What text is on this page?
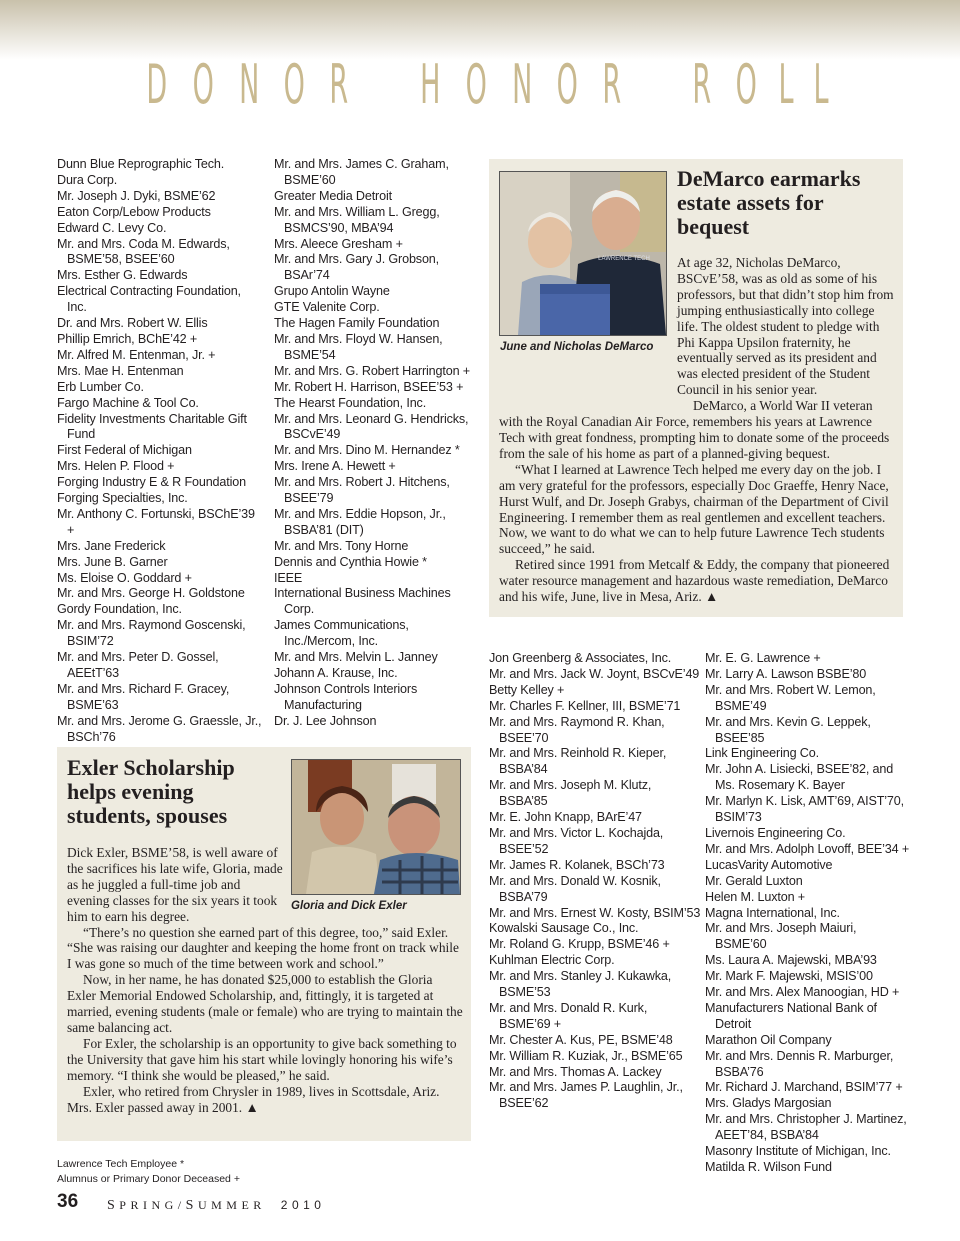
D O N O R H O N O R R O L L
Dunn Blue Reprographic Tech.
Dura Corp.
Mr. Joseph J. Dyki, BSME’62
Eaton Corp/Lebow Products
Edward C. Levy Co.
Mr. and Mrs. Coda M. Edwards, BSME’58, BSEE’60
Mrs. Esther G. Edwards
Electrical Contracting Foundation, Inc.
Dr. and Mrs. Robert W. Ellis
Phillip Emrich, BChE’42 +
Mr. Alfred M. Entenman, Jr. +
Mrs. Mae H. Entenman
Erb Lumber Co.
Fargo Machine & Tool Co.
Fidelity Investments Charitable Gift Fund
First Federal of Michigan
Mrs. Helen P. Flood +
Forging Industry E & R Foundation
Forging Specialties, Inc.
Mr. Anthony C. Fortunski, BSChE’39 +
Mrs. Jane Frederick
Mrs. June B. Garner
Ms. Eloise O. Goddard +
Mr. and Mrs. George H. Goldstone
Gordy Foundation, Inc.
Mr. and Mrs. Raymond Goscenski, BSIM’72
Mr. and Mrs. Peter D. Gossel, AEEtT’63
Mr. and Mrs. Richard F. Gracey, BSME’63
Mr. and Mrs. Jerome G. Graessle, Jr., BSCh’76
Mr. and Mrs. James C. Graham, BSME’60
Greater Media Detroit
Mr. and Mrs. William L. Gregg, BSMCS’90, MBA’94
Mrs. Aleece Gresham +
Mr. and Mrs. Gary J. Grobson, BSAr’74
Grupo Antolin Wayne
GTE Valenite Corp.
The Hagen Family Foundation
Mr. and Mrs. Floyd W. Hansen, BSME’54
Mr. and Mrs. G. Robert Harrington +
Mr. Robert H. Harrison, BSEE’53 +
The Hearst Foundation, Inc.
Mr. and Mrs. Leonard G. Hendricks, BSCvE’49
Mr. and Mrs. Dino M. Hernandez *
Mrs. Irene A. Hewett +
Mr. and Mrs. Robert J. Hitchens, BSEE’79
Mr. and Mrs. Eddie Hopson, Jr., BSBA’81 (DIT)
Mr. and Mrs. Tony Horne
Dennis and Cynthia Howie *
IEEE
International Business Machines Corp.
James Communications, Inc./Mercom, Inc.
Mr. and Mrs. Melvin L. Janney
Johann A. Krause, Inc.
Johnson Controls Interiors Manufacturing
Dr. J. Lee Johnson
Jon Greenberg & Associates, Inc.
Mr. and Mrs. Jack W. Joynt, BSCvE’49
Betty Kelley +
Mr. Charles F. Kellner, III, BSME’71
Mr. and Mrs. Raymond R. Khan, BSEE’70
Mr. and Mrs. Reinhold R. Kieper, BSBA’84
Mr. and Mrs. Joseph M. Klutz, BSBA’85
Mr. E. John Knapp, BArE’47
Mr. and Mrs. Victor L. Kochajda, BSEE’52
Mr. James R. Kolanek, BSCh’73
Mr. and Mrs. Donald W. Kosnik, BSBA’79
Mr. and Mrs. Ernest W. Kosty, BSIM’53
Kowalski Sausage Co., Inc.
Mr. Roland G. Krupp, BSME’46 +
Kuhlman Electric Corp.
Mr. and Mrs. Stanley J. Kukawka, BSME’53
Mr. and Mrs. Donald R. Kurk, BSME’69 +
Mr. Chester A. Kus, PE, BSME’48
Mr. William R. Kuziak, Jr., BSME’65
Mr. and Mrs. Thomas A. Lackey
Mr. and Mrs. James P. Laughlin, Jr., BSEE’62
Mr. E. G. Lawrence +
Mr. Larry A. Lawson BSBE’80
Mr. and Mrs. Robert W. Lemon, BSME’49
Mr. and Mrs. Kevin G. Leppek, BSEE’85
Link Engineering Co.
Mr. John A. Lisiecki, BSEE’82, and Ms. Rosemary K. Bayer
Mr. Marlyn K. Lisk, AMT’69, AIST’70, BSIM’73
Livernois Engineering Co.
Mr. and Mrs. Adolph Lovoff, BEE’34 +
LucasVarity Automotive
Mr. Gerald Luxton
Helen M. Luxton +
Magna International, Inc.
Mr. and Mrs. Joseph Maiuri, BSME’60
Ms. Laura A. Majewski, MBA’93
Mr. Mark F. Majewski, MSIS’00
Mr. and Mrs. Alex Manoogian, HD +
Manufacturers National Bank of Detroit
Marathon Oil Company
Mr. and Mrs. Dennis R. Marburger, BSBA’76
Mr. Richard J. Marchand, BSIM’77 +
Mrs. Gladys Margosian
Mr. and Mrs. Christopher J. Martinez, AEET’84, BSBA’84
Masonry Institute of Michigan, Inc.
Matilda R. Wilson Fund
LAWRENCE TECH
June and Nicholas DeMarco
DeMarco earmarks estate assets for bequest

At age 32, Nicholas DeMarco, BSCvE’58, was as old as some of his professors, but that didn’t stop him from jumping enthusiastically into college life. The oldest student to pledge with Phi Kappa Upsilon fraternity, he eventually served as its president and was elected president of the Student Council in his senior year.

DeMarco, a World War II veteran with the Royal Canadian Air Force, remembers his years at Lawrence Tech with great fondness, prompting him to donate some of the proceeds from the sale of his home as part of a planned-giving bequest.

“What I learned at Lawrence Tech helped me every day on the job. I am very grateful for the professors, especially Doc Graeffe, Henry Nace, Hurst Wulf, and Dr. Joseph Grabys, chairman of the Department of Civil Engineering. I remember them as real gentlemen and excellent teachers. Now, we want to do what we can to help future Lawrence Tech students succeed,” he said.

Retired since 1991 from Metcalf & Eddy, the company that pioneered water resource management and hazardous waste remediation, DeMarco and his wife, June, live in Mesa, Ariz. ▲

Exler Scholarship helps evening students, spouses
Gloria and Dick Exler

Dick Exler, BSME’58, is well aware of the sacrifices his late wife, Gloria, made as he juggled a full-time job and evening classes for the six years it took him to earn his degree.

“There’s no question she earned part of this degree, too,” said Exler. “She was raising our daughter and keeping the home front on track while I was gone so much of the time between work and school.”

Now, in her name, he has donated $25,000 to establish the Gloria Exler Memorial Endowed Scholarship, and, fittingly, it is targeted at married, evening students (male or female) who are trying to maintain the same balancing act.

For Exler, the scholarship is an opportunity to give back something to the University that gave him his start while lovingly honoring his wife’s memory. “I think she would be pleased,” he said.

Exler, who retired from Chrysler in 1989, lives in Scottsdale, Ariz. Mrs. Exler passed away in 2001. ▲

Lawrence Tech Employee *
Alumnus or Primary Donor Deceased +
36 SPRING/SUMMER 2010
